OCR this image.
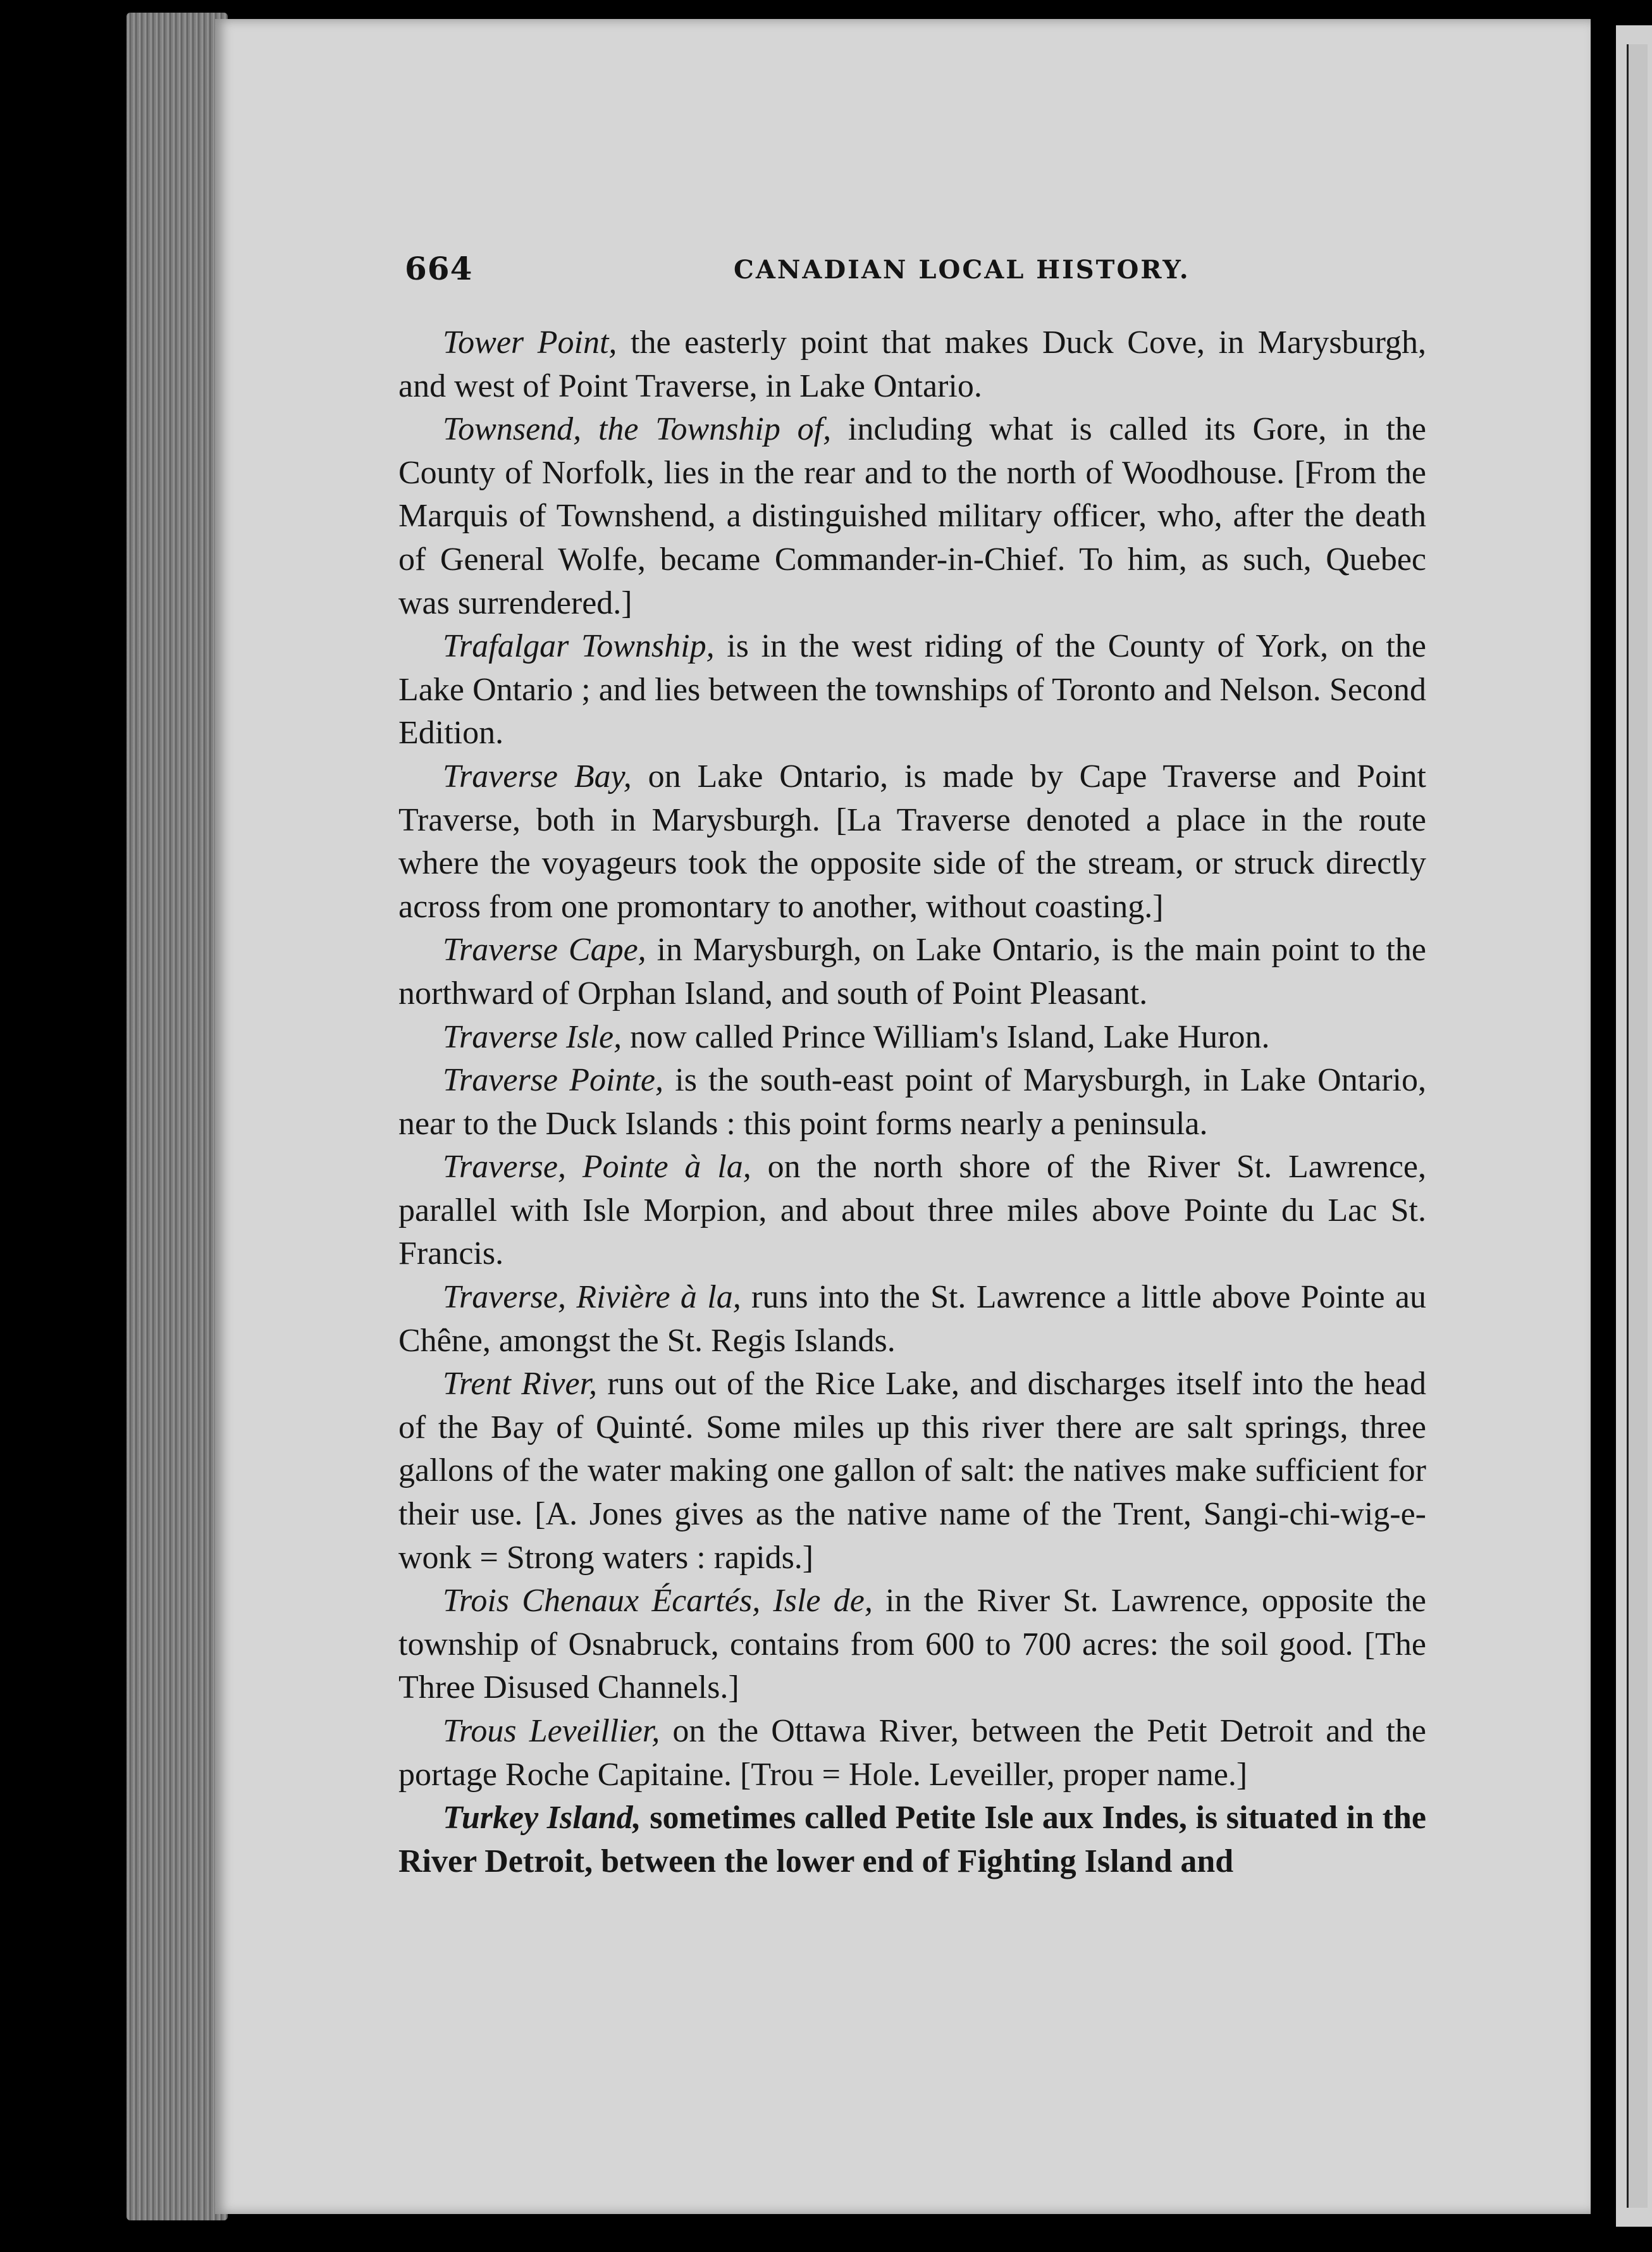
664	CANADIAN LOCAL HISTORY.

Tower Point, the easterly point that makes Duck Cove, in Marysburgh, and west of Point Traverse, in Lake Ontario.

Townsend, the Township of, including what is called its Gore, in the County of Norfolk, lies in the rear and to the north of Woodhouse. [From the Marquis of Townshend, a distinguished military officer, who, after the death of General Wolfe, became Commander-in-Chief. To him, as such, Quebec was surrendered.]

Trafalgar Township, is in the west riding of the County of York, on the Lake Ontario ; and lies between the townships of Toronto and Nelson. Second Edition.

Traverse Bay, on Lake Ontario, is made by Cape Traverse and Point Traverse, both in Marysburgh. [La Traverse denoted a place in the route where the voyageurs took the opposite side of the stream, or struck directly across from one promontary to another, without coasting.]

Traverse Cape, in Marysburgh, on Lake Ontario, is the main point to the northward of Orphan Island, and south of Point Pleasant.

Traverse Isle, now called Prince William's Island, Lake Huron.

Traverse Pointe, is the south-east point of Marysburgh, in Lake Ontario, near to the Duck Islands : this point forms nearly a peninsula.

Traverse, Pointe à la, on the north shore of the River St. Lawrence, parallel with Isle Morpion, and about three miles above Pointe du Lac St. Francis.

Traverse, Rivière à la, runs into the St. Lawrence a little above Pointe au Chêne, amongst the St. Regis Islands.

Trent River, runs out of the Rice Lake, and discharges itself into the head of the Bay of Quinté. Some miles up this river there are salt springs, three gallons of the water making one gallon of salt: the natives make sufficient for their use. [A. Jones gives as the native name of the Trent, Sangi-chi-wig-e-wonk = Strong waters : rapids.]

Trois Chenaux Écartés, Isle de, in the River St. Lawrence, opposite the township of Osnabruck, contains from 600 to 700 acres: the soil good. [The Three Disused Channels.]

Trous Leveillier, on the Ottawa River, between the Petit Detroit and the portage Roche Capitaine. [Trou = Hole. Leveiller, proper name.]

Turkey Island, sometimes called Petite Isle aux Indes, is situated in the River Detroit, between the lower end of Fighting Island and
